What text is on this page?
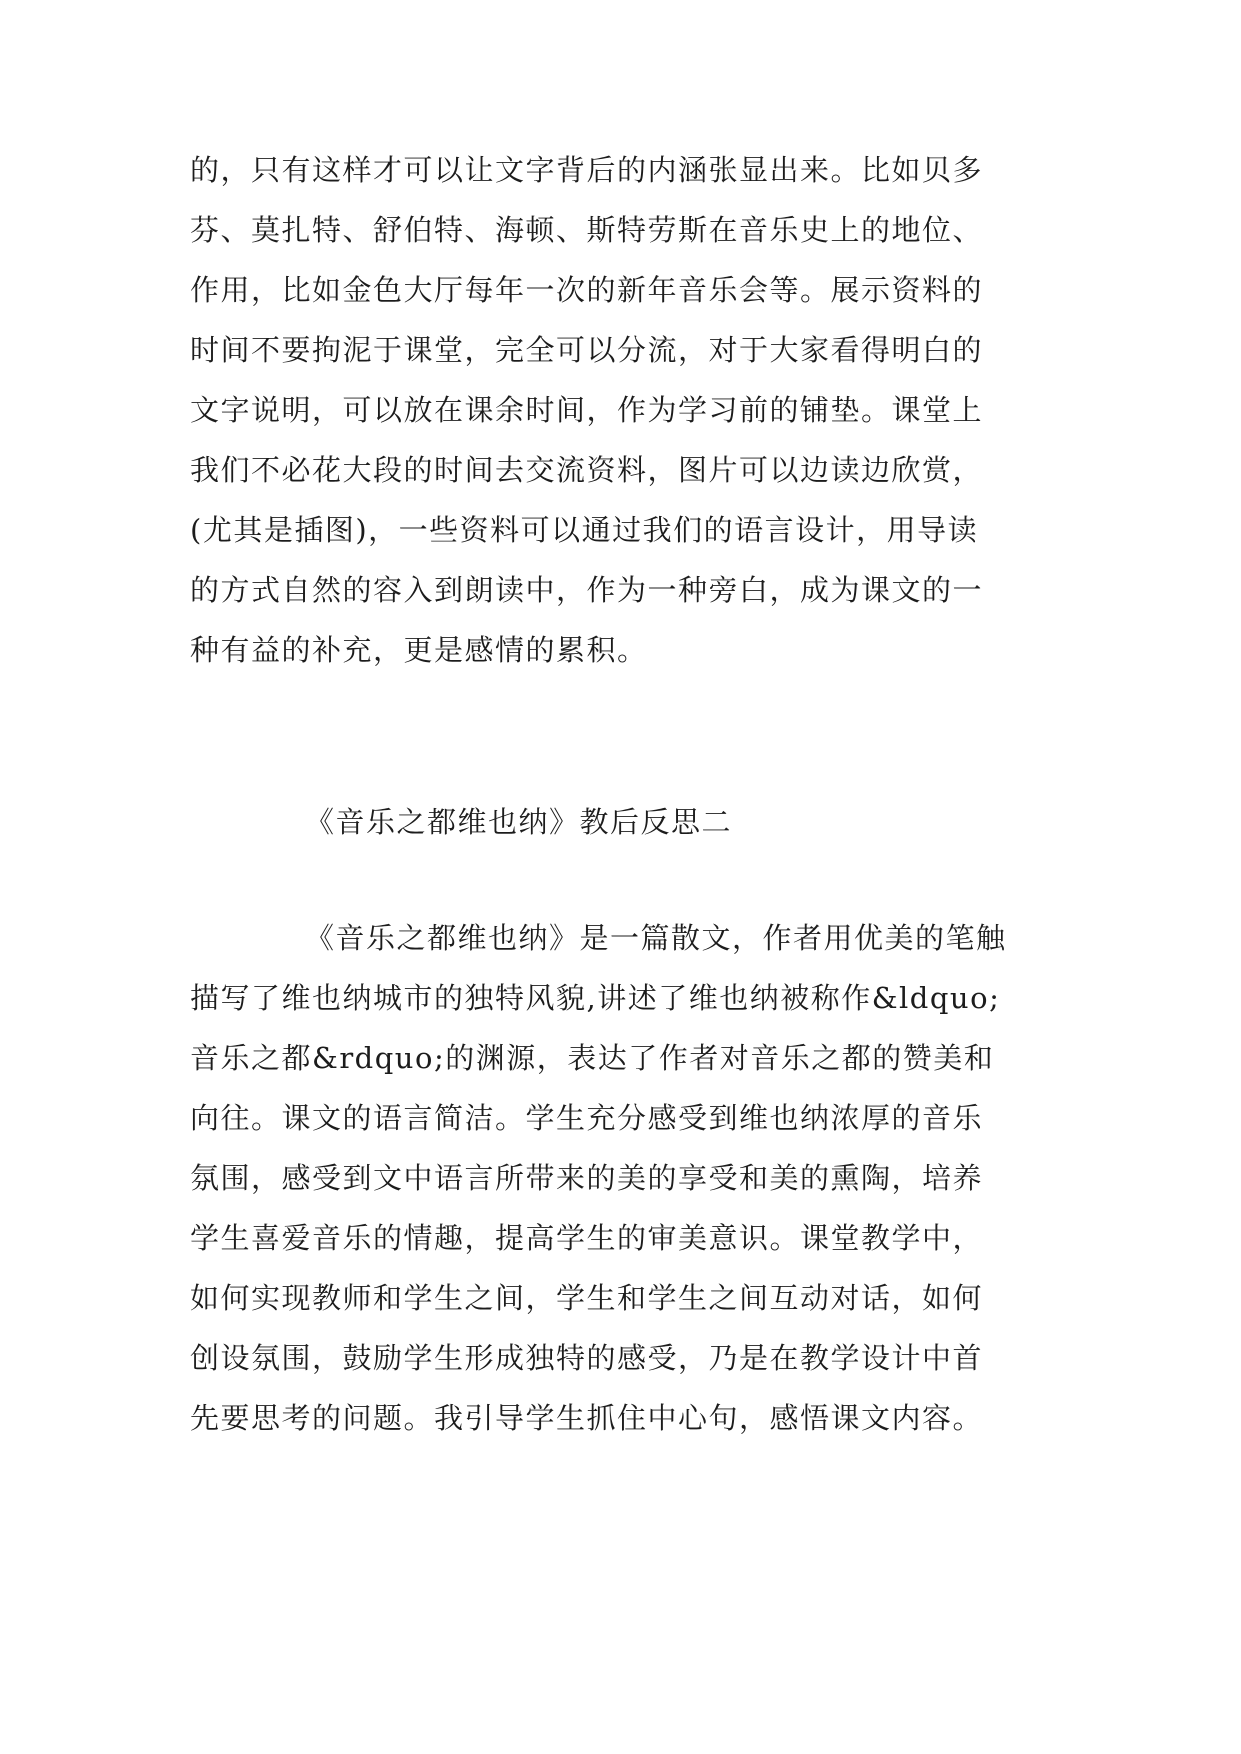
的，只有这样才可以让文字背后的内涵张显出来。比如贝多
芬、莫扎特、舒伯特、海顿、斯特劳斯在音乐史上的地位、
作用，比如金色大厅每年一次的新年音乐会等。展示资料的
时间不要拘泥于课堂，完全可以分流，对于大家看得明白的
文字说明，可以放在课余时间，作为学习前的铺垫。课堂上
我们不必花大段的时间去交流资料，图片可以边读边欣赏，
(尤其是插图)，一些资料可以通过我们的语言设计，用导读
的方式自然的容入到朗读中，作为一种旁白，成为课文的一
种有益的补充，更是感情的累积。
《音乐之都维也纳》教后反思二
《音乐之都维也纳》是一篇散文，作者用优美的笔触
描写了维也纳城市的独特风貌,讲述了维也纳被称作&ldquo;
音乐之都&rdquo;的渊源，表达了作者对音乐之都的赞美和
向往。课文的语言简洁。学生充分感受到维也纳浓厚的音乐
氛围，感受到文中语言所带来的美的享受和美的熏陶，培养
学生喜爱音乐的情趣，提高学生的审美意识。课堂教学中，
如何实现教师和学生之间，学生和学生之间互动对话，如何
创设氛围，鼓励学生形成独特的感受，乃是在教学设计中首
先要思考的问题。我引导学生抓住中心句，感悟课文内容。
